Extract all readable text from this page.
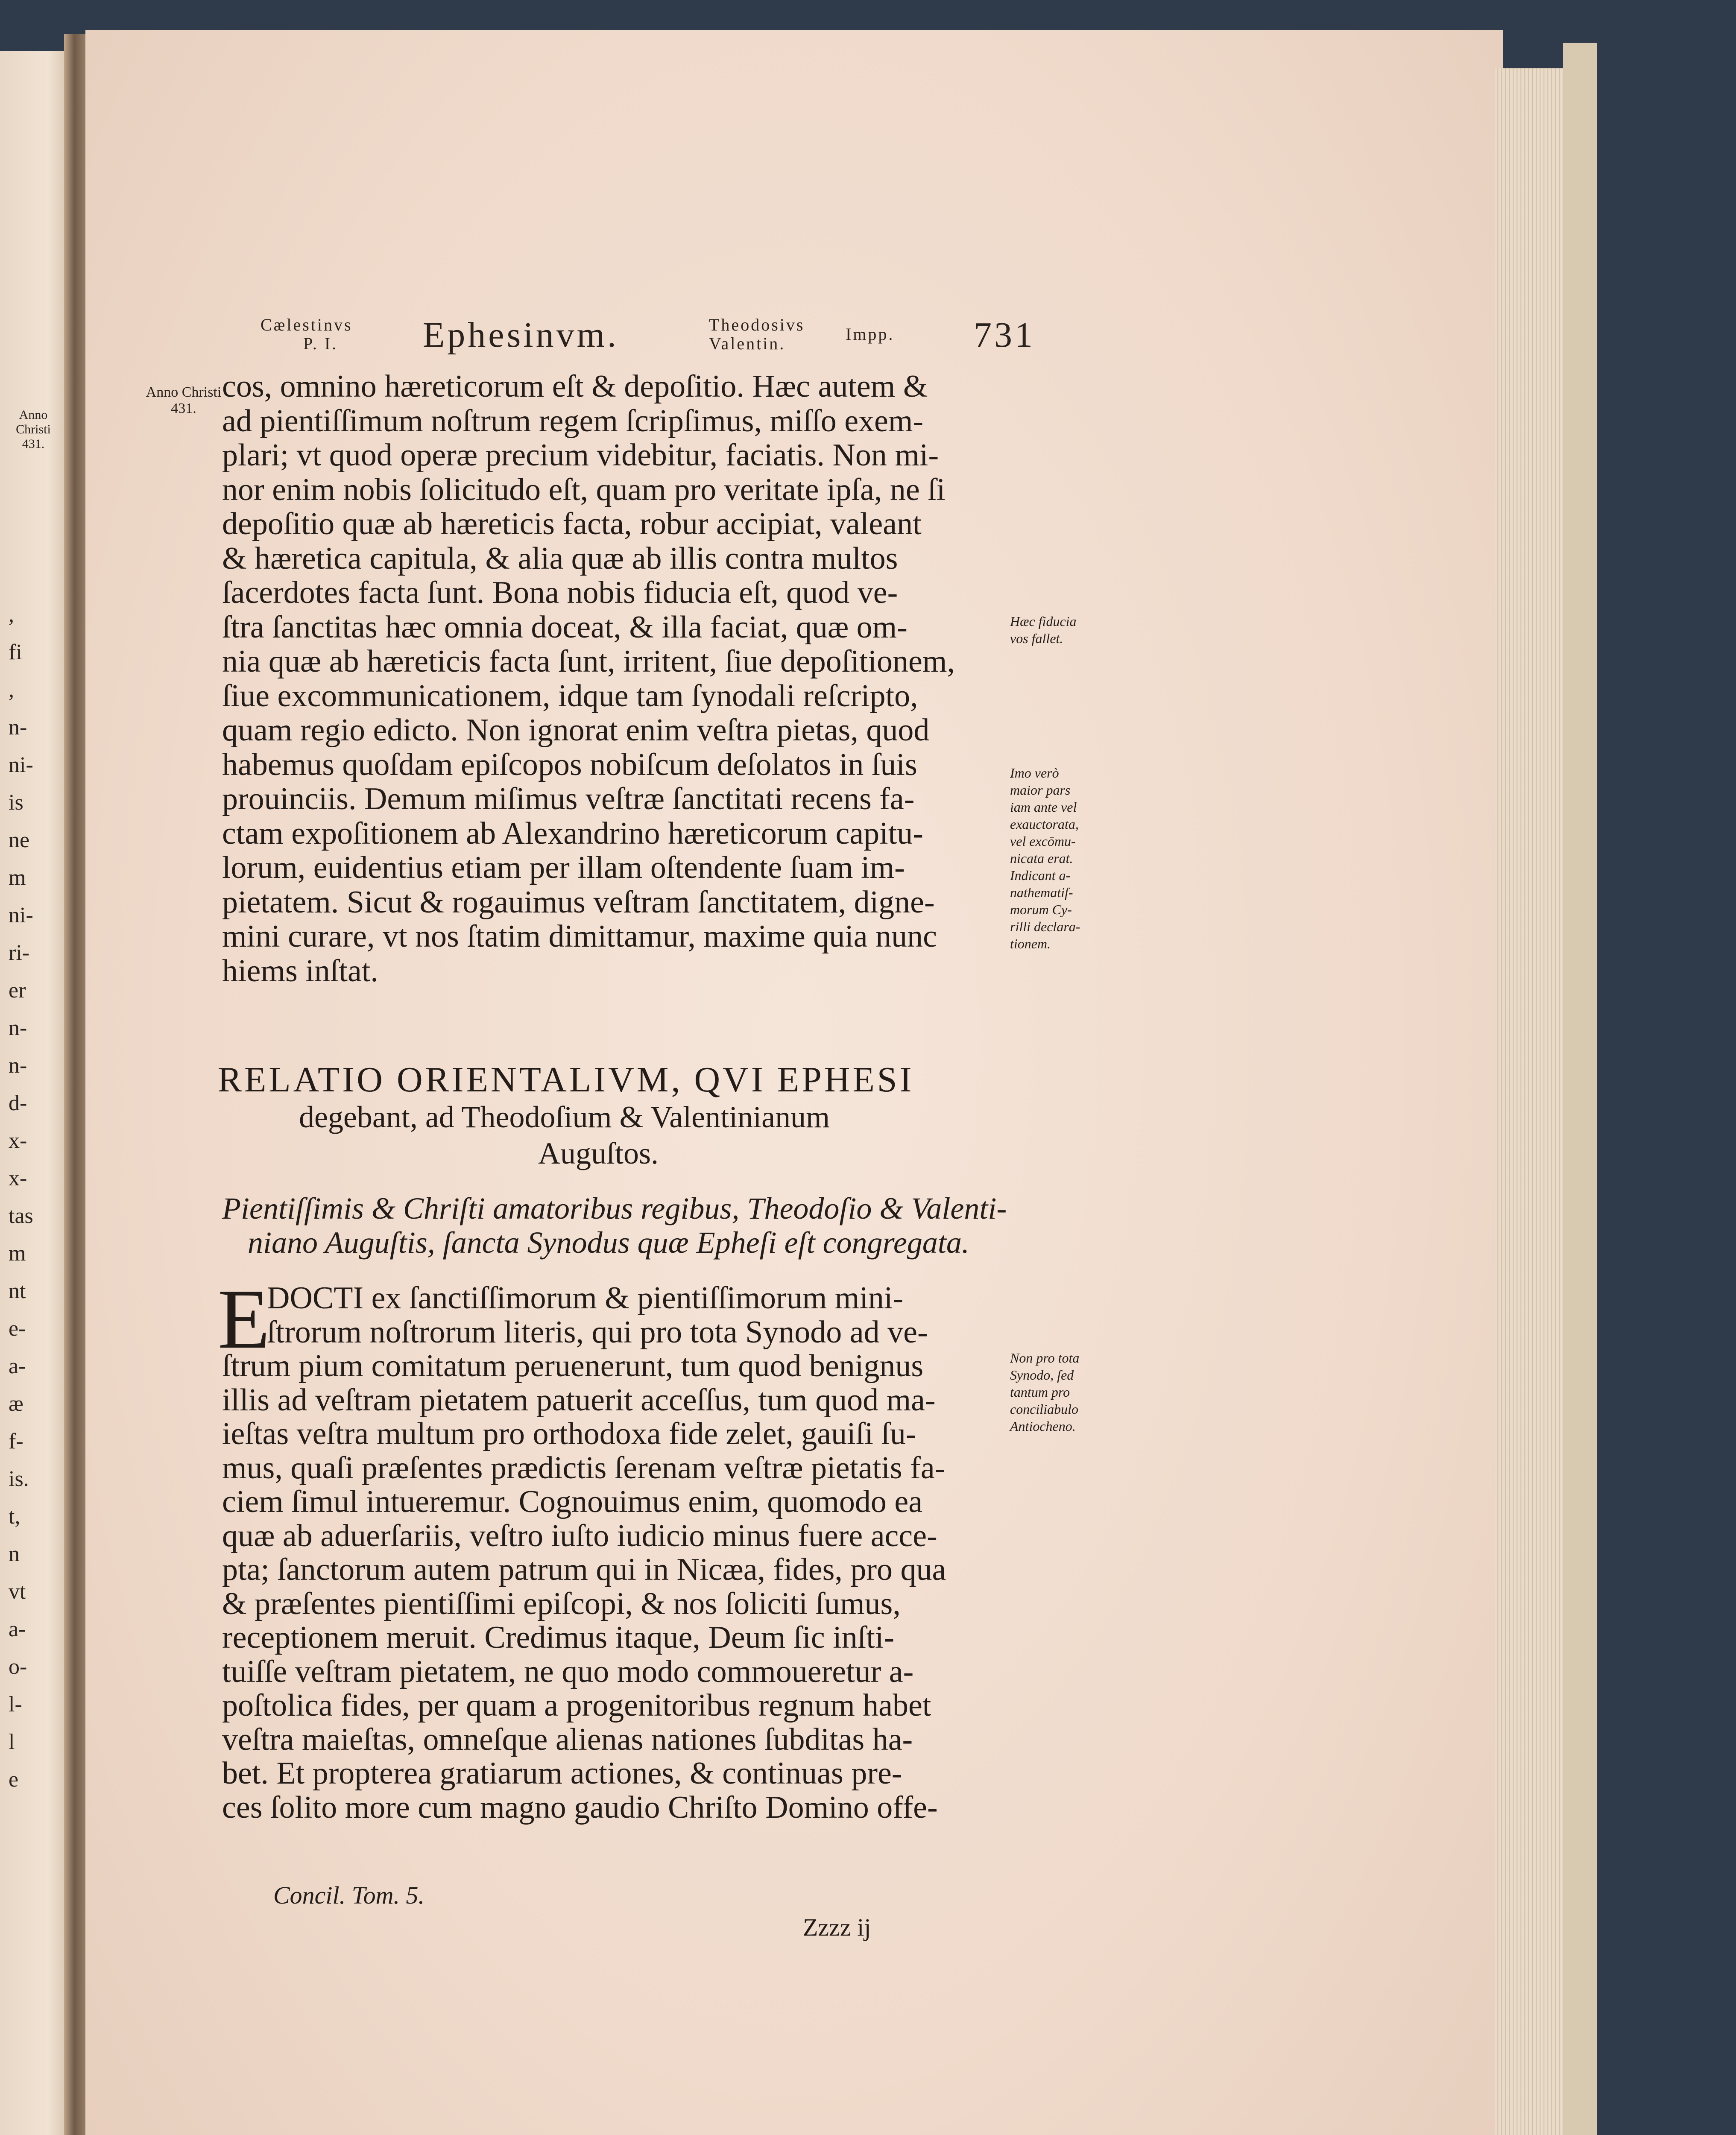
Anno Christi 431.
,
fi
,
n-
ni-
is
ne
m
ni-
ri-
er
n-
n-
d-
x-
x-
tas
m
nt
e-
a-
æ
f-
is.
t,
n
vt
a-
o-
l-
l
e
Cælestinvs
P. I. Ephesinvm.	Theodosivs
Valentin.	Impp. 731
Anno Christi 431.
cos, omnino hæreticorum eſt & depoſitio. Hæc autem &
ad pientiſſimum noſtrum regem ſcripſimus, miſſo exem-
plari; vt quod operæ precium videbitur, faciatis. Non mi-
nor enim nobis ſolicitudo eſt, quam pro veritate ipſa, ne ſi
depoſitio quæ ab hæreticis facta, robur accipiat, valeant
& hæretica capitula, & alia quæ ab illis contra multos
ſacerdotes facta ſunt. Bona nobis fiducia eſt, quod ve-
ſtra ſanctitas hæc omnia doceat, & illa faciat, quæ om-
nia quæ ab hæreticis facta ſunt, irritent, ſiue depoſitionem,
ſiue excommunicationem, idque tam ſynodali reſcripto,
quam regio edicto. Non ignorat enim veſtra pietas, quod
habemus quoſdam epiſcopos nobiſcum deſolatos in ſuis
prouinciis. Demum miſimus veſtræ ſanctitati recens fa-
ctam expoſitionem ab Alexandrino hæreticorum capitu-
lorum, euidentius etiam per illam oſtendente ſuam im-
pietatem. Sicut & rogauimus veſtram ſanctitatem, digne-
mini curare, vt nos ſtatim dimittamur, maxime quia nunc
hiems inſtat.
RELATIO ORIENTALIVM, QVI EPHESI
degebant, ad Theodoſium & Valentinianum
Auguſtos.
Pientiſſimis & Chriſti amatoribus regibus, Theodoſio & Valenti-
niano Auguſtis, ſancta Synodus quæ Epheſi eſt congregata.
E
DOCTI ex ſanctiſſimorum & pientiſſimorum mini-
ſtrorum noſtrorum literis, qui pro tota Synodo ad ve-
ſtrum pium comitatum peruenerunt, tum quod benignus
illis ad veſtram pietatem patuerit acceſſus, tum quod ma-
ieſtas veſtra multum pro orthodoxa fide zelet, gauiſi ſu-
mus, quaſi præſentes prædictis ſerenam veſtræ pietatis fa-
ciem ſimul intueremur. Cognouimus enim, quomodo ea
quæ ab aduerſariis, veſtro iuſto iudicio minus fuere acce-
pta; ſanctorum autem patrum qui in Nicæa, fides, pro qua
& præſentes pientiſſimi epiſcopi, & nos ſoliciti ſumus,
receptionem meruit. Credimus itaque, Deum ſic inſti-
tuiſſe veſtram pietatem, ne quo modo commoueretur a-
poſtolica fides, per quam a progenitoribus regnum habet
veſtra maieſtas, omneſque alienas nationes ſubditas ha-
bet. Et propterea gratiarum actiones, & continuas pre-
ces ſolito more cum magno gaudio Chriſto Domino offe-
Hæc fiducia
vos fallet.
Imo verò
maior pars
iam ante vel
exauctorata,
vel excōmu-
nicata erat.
Indicant a-
nathematiſ-
morum Cy-
rilli declara-
tionem.
Non pro tota
Synodo, ſed
tantum pro
conciliabulo
Antiocheno.
Concil. Tom. 5.
Zzzz ij
